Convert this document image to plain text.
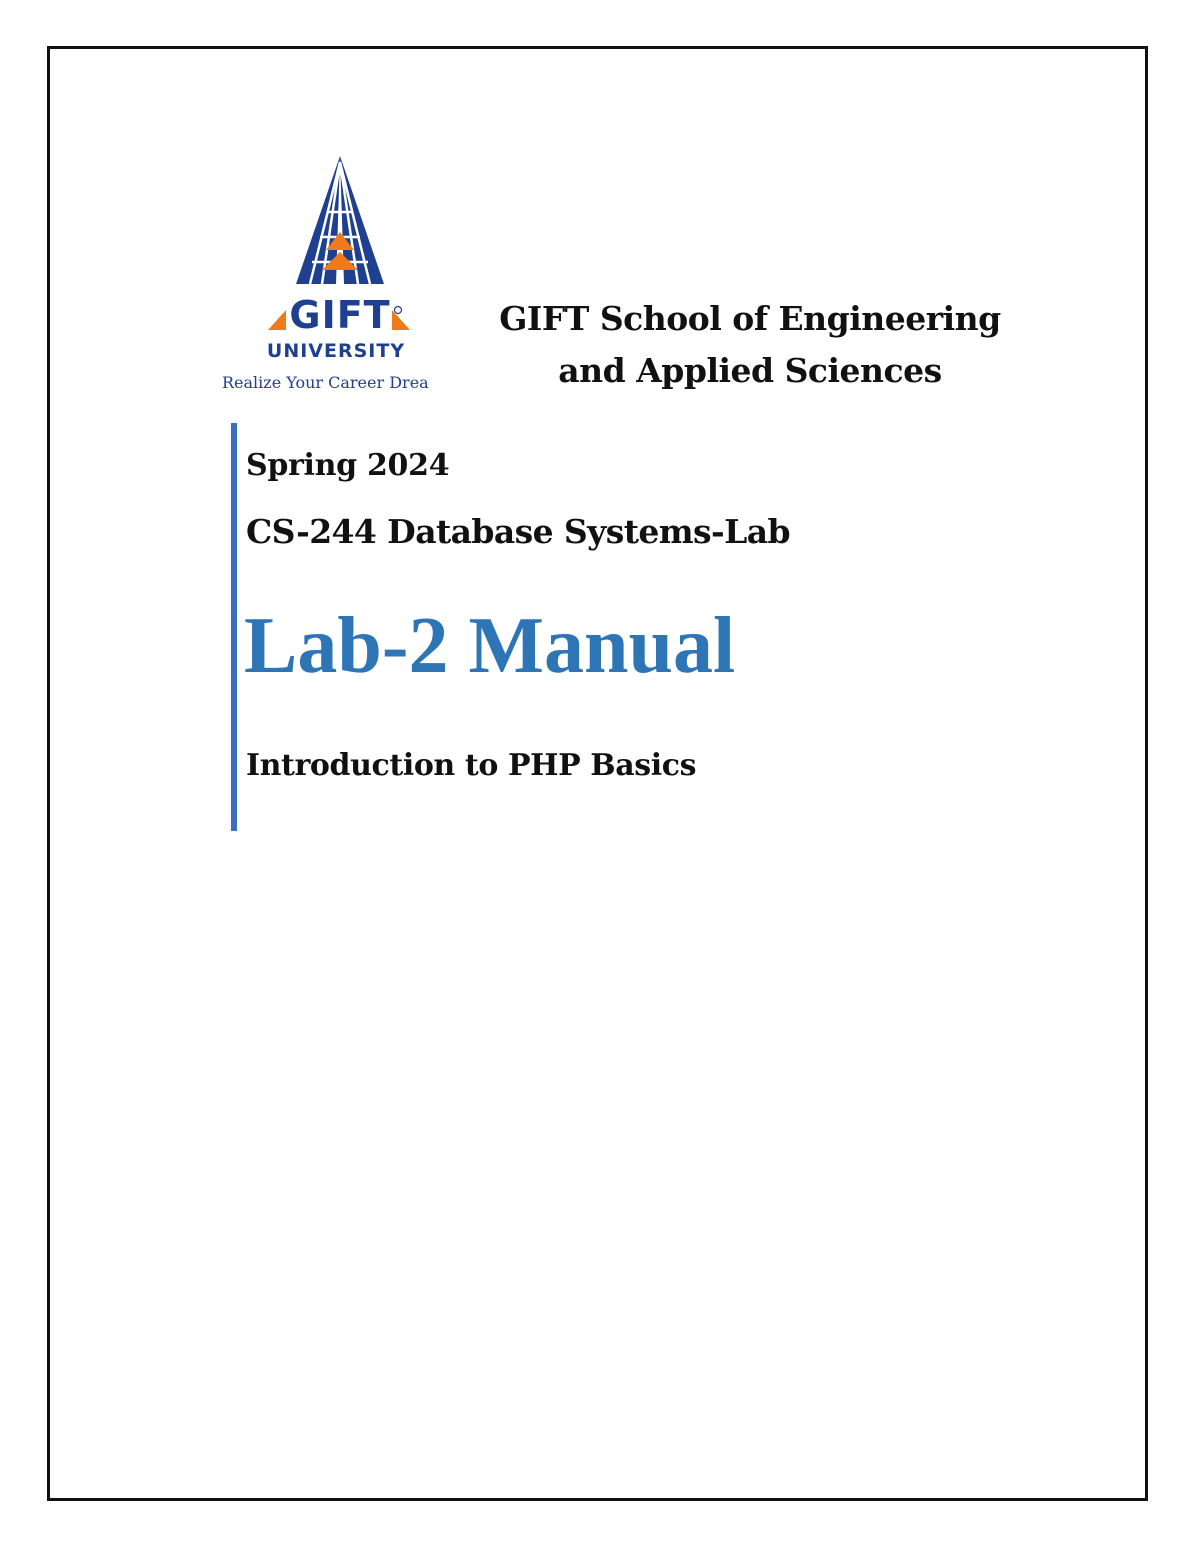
GIFT
UNIVERSITY
Realize Your Career Dreа
GIFT School of Engineering
and Applied Sciences
Spring 2024
CS-244 Database Systems-Lab
Lab-2 Manual
Introduction to PHP Basics
